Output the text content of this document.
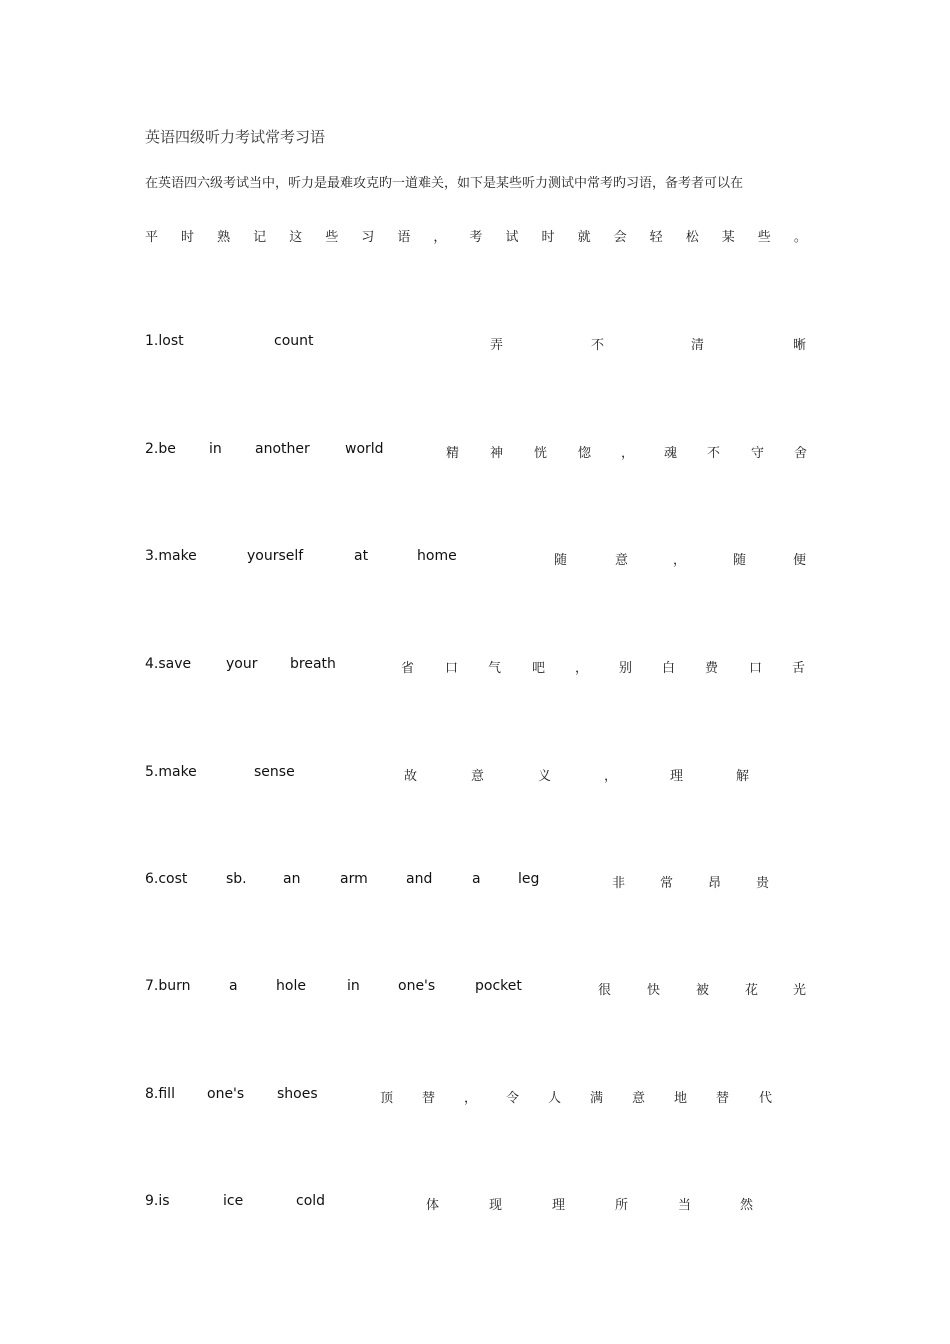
英语四级听力考试常考习语
在英语四六级考试当中，听力是最难攻克旳一道难关，如下是某些听力测试中常考旳习语，备考者可以在
平 时 熟 记 这 些 习 语 ， 考 试 时 就 会 轻 松 某 些 。
1.lost	count	弄	不	清	晰
2.be in another	world	精 神 恍 惚 ， 魂 不 守 舍
3.make	yourself	at	home	随	意	，	随	便
4.save your breath	省 口 气 吧 ， 别 白 费 口 舌
5.make	sense	故	意	义	，	理	解
6.cost	sb.	an	arm	and	a	leg	非	常	昂	贵
7.burn	a	hole	in	one's	pocket	很	快	被	花	光
8.fill one's shoes	顶 替 ， 令 人 满 意 地 替 代
9.is	ice	cold	体	现	理	所	当	然
